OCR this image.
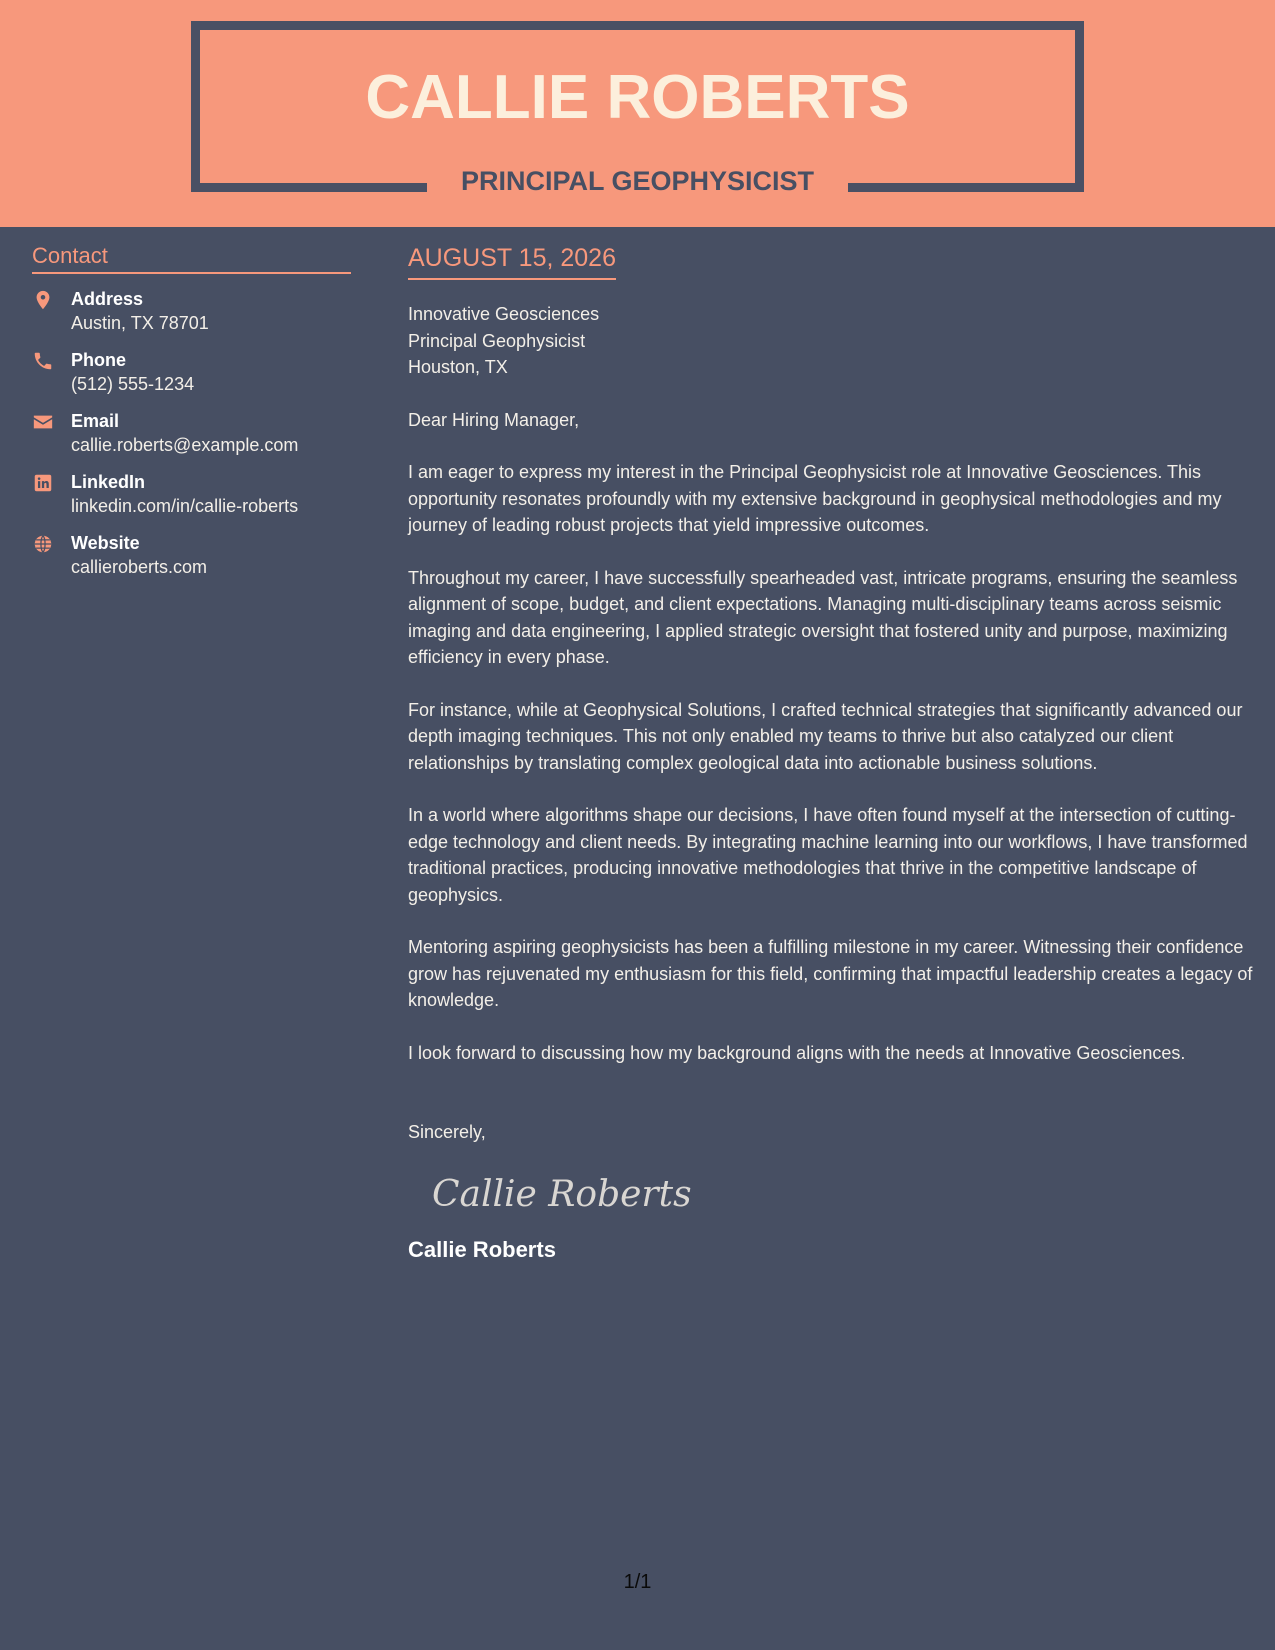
CALLIE ROBERTS
PRINCIPAL GEOPHYSICIST
Contact
Address
Austin, TX 78701
Phone
(512) 555-1234
Email
callie.roberts@example.com
LinkedIn
linkedin.com/in/callie-roberts
Website
callieroberts.com
AUGUST 15, 2026
Innovative Geosciences
Principal Geophysicist
Houston, TX
Dear Hiring Manager,

I am eager to express my interest in the Principal Geophysicist role at Innovative Geosciences. This opportunity resonates profoundly with my extensive background in geophysical methodologies and my journey of leading robust projects that yield impressive outcomes.

Throughout my career, I have successfully spearheaded vast, intricate programs, ensuring the seamless alignment of scope, budget, and client expectations. Managing multi-disciplinary teams across seismic imaging and data engineering, I applied strategic oversight that fostered unity and purpose, maximizing efficiency in every phase.

For instance, while at Geophysical Solutions, I crafted technical strategies that significantly advanced our depth imaging techniques. This not only enabled my teams to thrive but also catalyzed our client relationships by translating complex geological data into actionable business solutions.

In a world where algorithms shape our decisions, I have often found myself at the intersection of cutting-edge technology and client needs. By integrating machine learning into our workflows, I have transformed traditional practices, producing innovative methodologies that thrive in the competitive landscape of geophysics.

Mentoring aspiring geophysicists has been a fulfilling milestone in my career. Witnessing their confidence grow has rejuvenated my enthusiasm for this field, confirming that impactful leadership creates a legacy of knowledge.

I look forward to discussing how my background aligns with the needs at Innovative Geosciences.

Sincerely,
Callie Roberts
Callie Roberts
1/1
